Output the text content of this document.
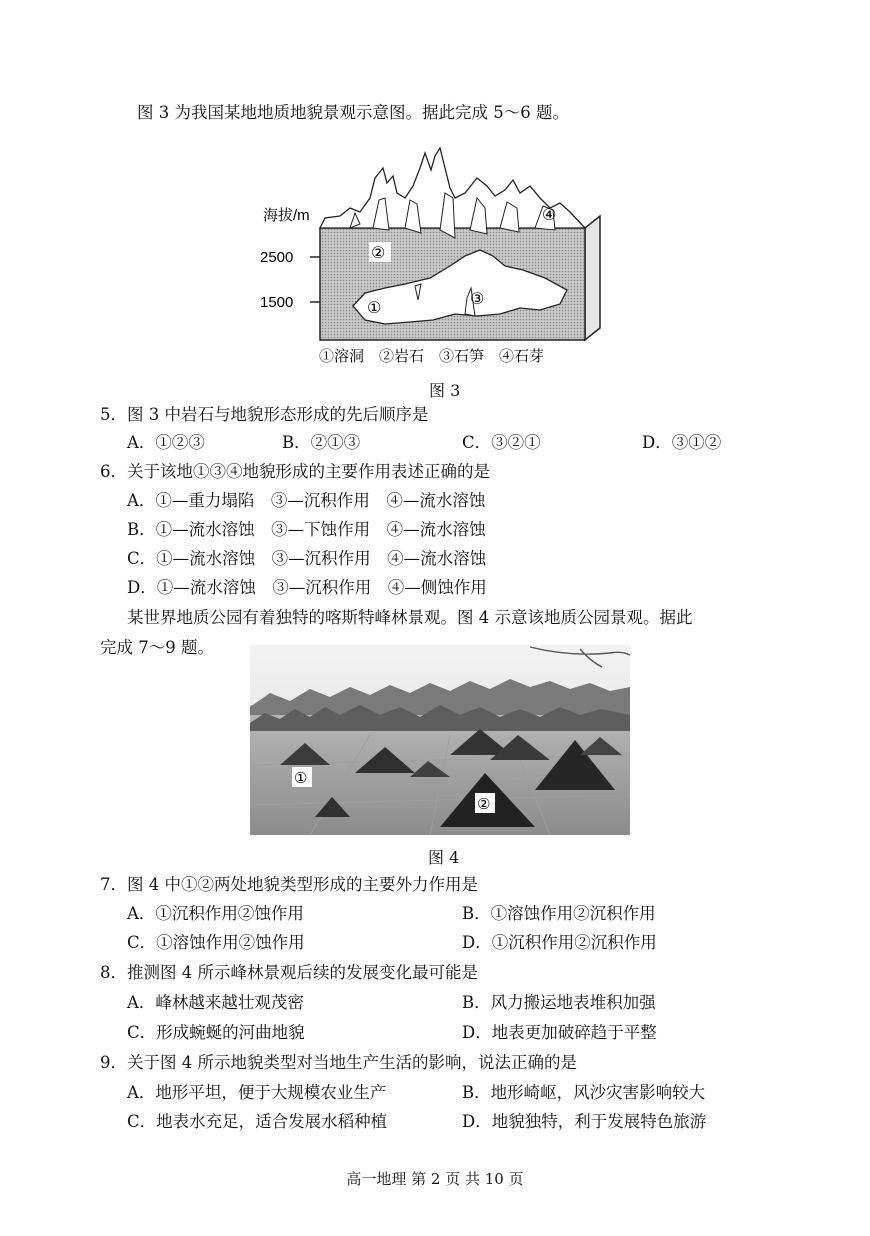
图 3 为我国某地地质地貌景观示意图。据此完成 5～6 题。
海拔/m
2500
1500
②
①	③
④
①溶洞　②岩石　③石笋　④石芽
图 3
5．图 3 中岩石与地貌形态形成的先后顺序是
A．①②③	B．②①③	C．③②①	D．③①②
6．关于该地①③④地貌形成的主要作用表述正确的是
A．①—重力塌陷　③—沉积作用　④—流水溶蚀
B．①—流水溶蚀　③—下蚀作用　④—流水溶蚀
C．①—流水溶蚀　③—沉积作用　④—流水溶蚀
D．①—流水溶蚀　③—沉积作用　④—侧蚀作用
某世界地质公园有着独特的喀斯特峰林景观。图 4 示意该地质公园景观。据此
完成 7～9 题。
①
②
图 4
7．图 4 中①②两处地貌类型形成的主要外力作用是
A．①沉积作用②蚀作用	B．①溶蚀作用②沉积作用
C．①溶蚀作用②蚀作用	D．①沉积作用②沉积作用
8．推测图 4 所示峰林景观后续的发展变化最可能是
A．峰林越来越壮观茂密	B．风力搬运地表堆积加强
C．形成蜿蜒的河曲地貌	D．地表更加破碎趋于平整
9．关于图 4 所示地貌类型对当地生产生活的影响，说法正确的是
A．地形平坦，便于大规模农业生产	B．地形崎岖，风沙灾害影响较大
C．地表水充足，适合发展水稻种植	D．地貌独特，利于发展特色旅游
高一地理 第 2 页 共 10 页
